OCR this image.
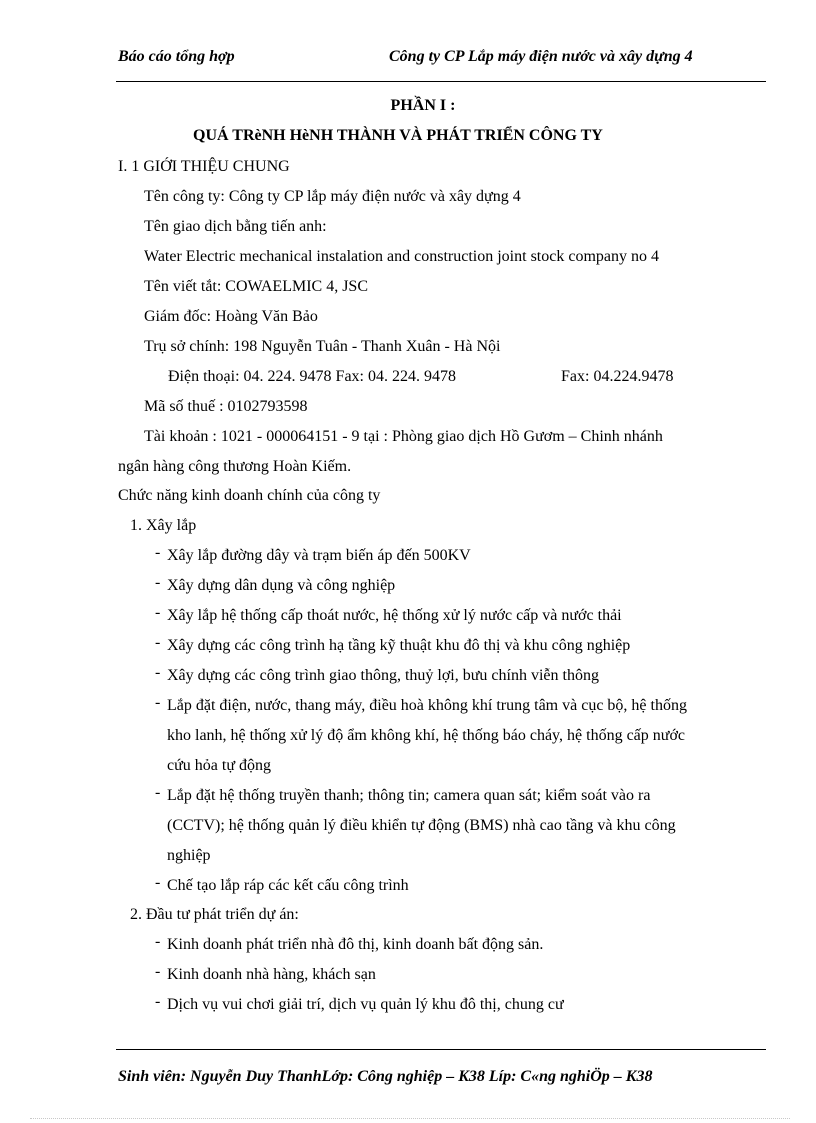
Báo cáo tổng hợp	Công ty CP Lắp máy điện nước và xây dựng 4
PHẦN I :
QUÁ TRèNH HèNH THÀNH VÀ PHÁT TRIỂN CÔNG TY
I. 1 GIỚI THIỆU CHUNG
Tên công ty: Công ty CP lắp máy điện nước và xây dựng 4
Tên giao dịch bằng tiến anh:
Water Electric mechanical instalation and construction joint stock company no 4
Tên viết tắt: COWAELMIC 4, JSC
Giám đốc: Hoàng Văn Bảo
Trụ sở chính: 198 Nguyễn Tuân - Thanh Xuân - Hà Nội
Điện thoại: 04. 224. 9478 Fax: 04. 224. 9478	Fax: 04.224.9478
Mã số thuế : 0102793598
Tài khoản : 1021 - 000064151 - 9 tại : Phòng giao dịch Hồ Gươm – Chinh nhánh
ngân hàng công thương Hoàn Kiếm.
Chức năng kinh doanh chính của công ty
1. Xây lắp
- Xây lắp đường dây và trạm biến áp đến 500KV
- Xây dựng dân dụng và công nghiệp
- Xây lắp hệ thống cấp thoát nước, hệ thống xử lý nước cấp và nước thải
- Xây dựng các công trình hạ tầng kỹ thuật khu đô thị và khu công nghiệp
- Xây dựng các công trình giao thông, thuỷ lợi, bưu chính viễn thông
- Lắp đặt điện, nước, thang máy, điều hoà không khí trung tâm và cục bộ, hệ thống
kho lanh, hệ thống xử lý độ ẩm không khí, hệ thống báo cháy, hệ thống cấp nước
cứu hỏa tự động
- Lắp đặt hệ thống truyền thanh; thông tin; camera quan sát; kiểm soát vào ra
(CCTV); hệ thống quản lý điều khiển tự động (BMS) nhà cao tầng và khu công
nghiệp
- Chế tạo lắp ráp các kết cấu công trình
2. Đầu tư phát triển dự án:
- Kinh doanh phát triển nhà đô thị, kinh doanh bất động sản.
- Kinh doanh nhà hàng, khách sạn
- Dịch vụ vui chơi giải trí, dịch vụ quản lý khu đô thị, chung cư
Sinh viên: Nguyễn Duy ThanhLớp: Công nghiệp – K38 Líp: C«ng nghiÖp – K38
